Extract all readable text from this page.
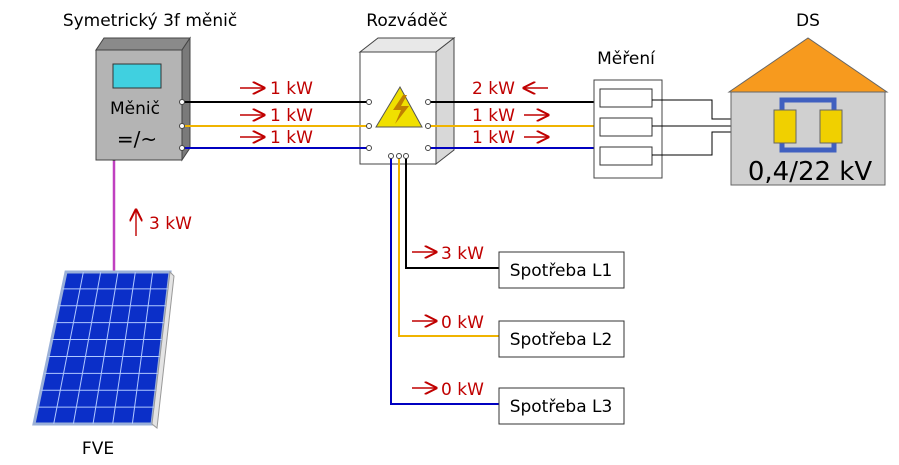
Symetrický 3f měnič	Rozváděč	DS
Měření
FVE
Měnič
=/~
1 kW
1 kW
1 kW
2 kW
1 kW
1 kW
0,4/22 kV
3 kW
0 kW
0 kW
Spotřeba L1
Spotřeba L2
Spotřeba L3
3 kW
